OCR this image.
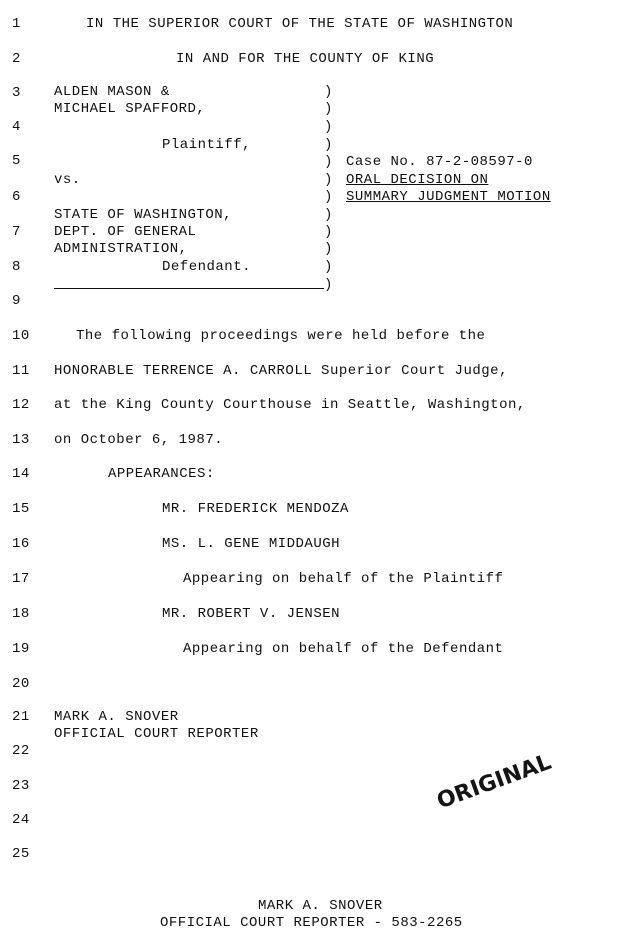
1
2
3
4
5
6
7
8
9
10
11
12
13
14
15
16
17
18
19
20
21
22
23
24
25
IN THE SUPERIOR COURT OF THE STATE OF WASHINGTON
IN AND FOR THE COUNTY OF KING
ALDEN MASON &
MICHAEL SPAFFORD,
Plaintiff,
vs.
STATE OF WASHINGTON,
DEPT. OF GENERAL
ADMINISTRATION,
Defendant.
)
)
)
)
)
)
)
)
)
)
)
)
Case No. 87-2-08597-0
ORAL DECISION ON
SUMMARY JUDGMENT MOTION
The following proceedings were held before the
HONORABLE TERRENCE A. CARROLL Superior Court Judge,
at the King County Courthouse in Seattle, Washington,
on October 6, 1987.
APPEARANCES:
MR. FREDERICK MENDOZA
MS. L. GENE MIDDAUGH
Appearing on behalf of the Plaintiff
MR. ROBERT V. JENSEN
Appearing on behalf of the Defendant
MARK A. SNOVER
OFFICIAL COURT REPORTER
ORIGINAL
MARK A. SNOVER
OFFICIAL COURT REPORTER - 583-2265
